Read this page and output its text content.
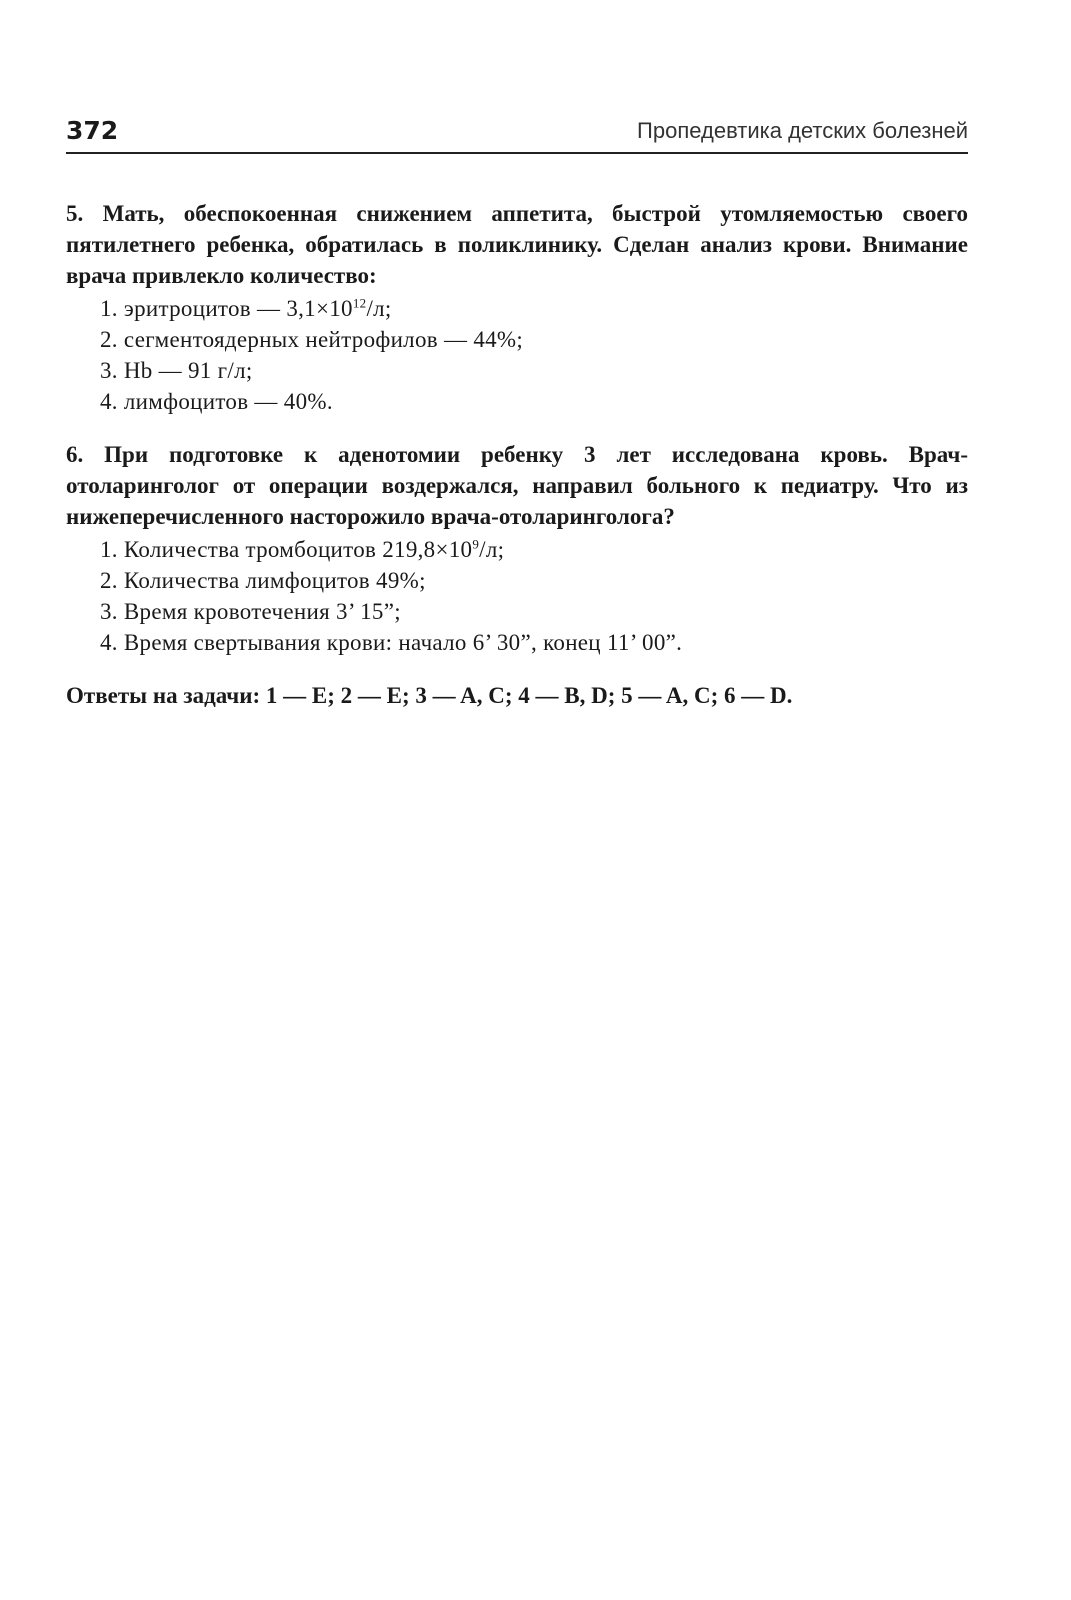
372	Пропедевтика детских болезней

5. Мать, обеспокоенная снижением аппетита, быстрой утомляемостью своего пятилетнего ребенка, обратилась в поликлинику. Сделан анализ крови. Внимание врача привлекло количество:

1. эритроцитов — $3,1\times 10^{12}/л$;
2. сегментоядерных нейтрофилов — 44%;
3. Hb — 91 г/л;
4. лимфоцитов — 40%.

6. При подготовке к аденотомии ребенку 3 лет исследована кровь. Врач-отоларинголог от операции воздержался, направил больного к педиатру. Что из нижеперечисленного насторожило врача-отоларинголога?

1. Количества тромбоцитов $219,8\times 10^9/л$;
2. Количества лимфоцитов 49%;
3. Время кровотечения 3’ 15”;
4. Время свертывания крови: начало 6’ 30”, конец 11’ 00”.

Ответы на задачи: 1 — E; 2 — E; 3 — A, C; 4 — B, D; 5 — A, C; 6 — D.
